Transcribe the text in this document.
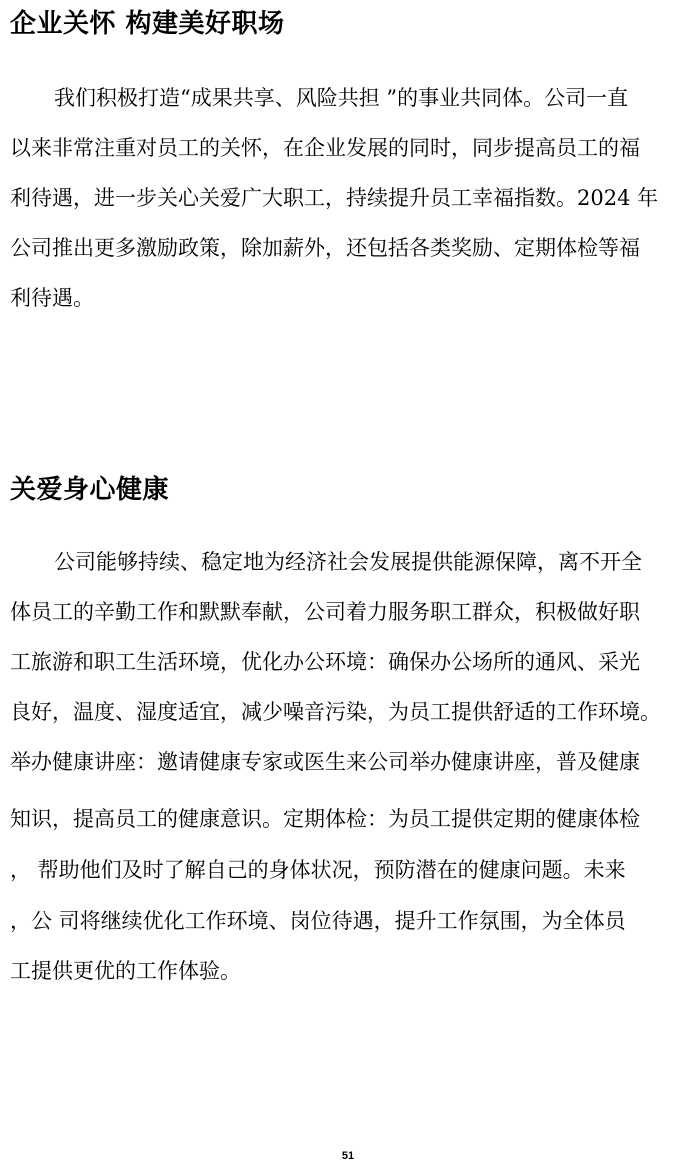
企业关怀 构建美好职场
我们积极打造“成果共享、风险共担 ”的事业共同体。公司一直
以来非常注重对员工的关怀，在企业发展的同时，同步提高员工的福
利待遇，进一步关心关爱广大职工，持续提升员工幸福指数。2024 年
公司推出更多激励政策，除加薪外，还包括各类奖励、定期体检等福
利待遇。
关爱身心健康
公司能够持续、稳定地为经济社会发展提供能源保障，离不开全
体员工的辛勤工作和默默奉献，公司着力服务职工群众，积极做好职
工旅游和职工生活环境，优化办公环境：确保办公场所的通风、采光
良好，温度、湿度适宜，减少噪音污染，为员工提供舒适的工作环境。
举办健康讲座：邀请健康专家或医生来公司举办健康讲座，普及健康
知识，提高员工的健康意识。定期体检：为员工提供定期的健康体检
， 帮助他们及时了解自己的身体状况，预防潜在的健康问题。未来
，公 司将继续优化工作环境、岗位待遇，提升工作氛围，为全体员
工提供更优的工作体验。
51
